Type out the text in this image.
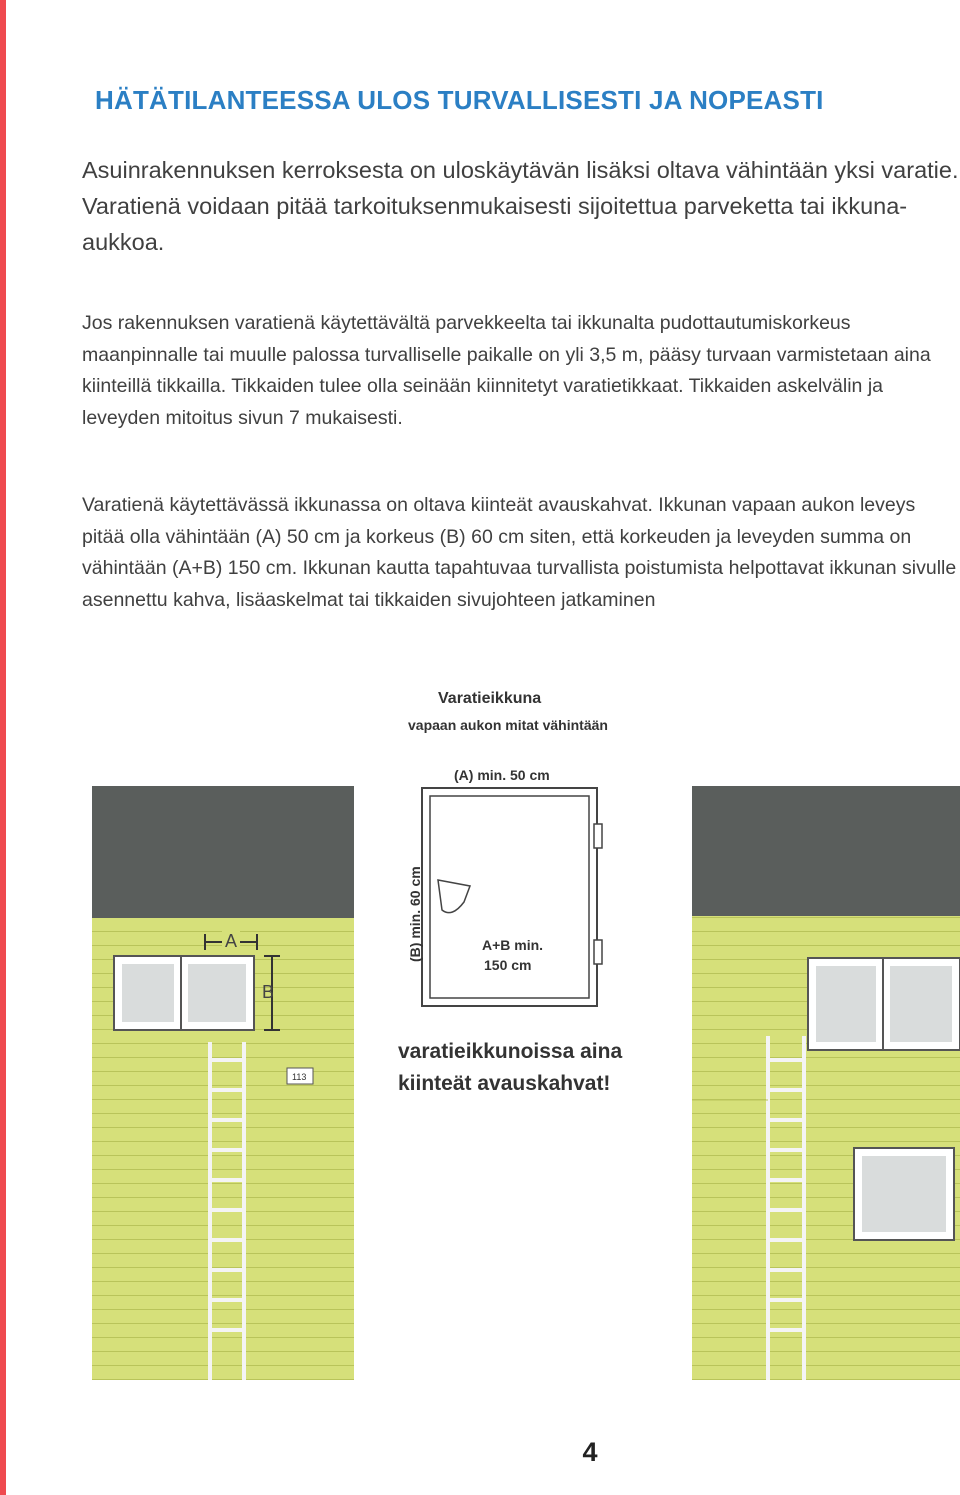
HÄTÄTILANTEESSA ULOS TURVALLISESTI JA NOPEASTI

Asuinrakennuksen kerroksesta on uloskäytävän lisäksi oltava vähintään yksi varatie. Varatienä voidaan pitää tarkoituksenmukaisesti sijoitettua parveketta tai ikkuna-aukkoa.

Jos rakennuksen varatienä käytettävältä parvekkeelta tai ikkunalta pudottautumiskorkeus maanpinnalle tai muulle palossa turvalliselle paikalle on yli 3,5 m, pääsy turvaan varmistetaan aina kiinteillä tikkailla. Tikkaiden tulee olla seinään kiinnitetyt varatietikkaat. Tikkaiden askelvälin ja leveyden mitoitus sivun 7 mukaisesti.

Varatienä käytettävässä ikkunassa on oltava kiinteät avauskahvat. Ikkunan vapaan aukon leveys pitää olla vähintään (A) 50 cm ja korkeus (B) 60 cm siten, että korkeuden ja leveyden summa on vähintään (A+B) 150 cm. Ikkunan kautta tapahtuvaa turvallista poistumista helpottavat ikkunan sivulle asennettu kahva, lisäaskelmat tai tikkaiden sivujohteen jatkaminen

A
B
113
Varatieikkuna
vapaan aukon mitat vähintään
(A) min. 50 cm
(B) min. 60 cm	A+B min.
150 cm
varatieikkunoissa aina
kiinteät avauskahvat!
4
